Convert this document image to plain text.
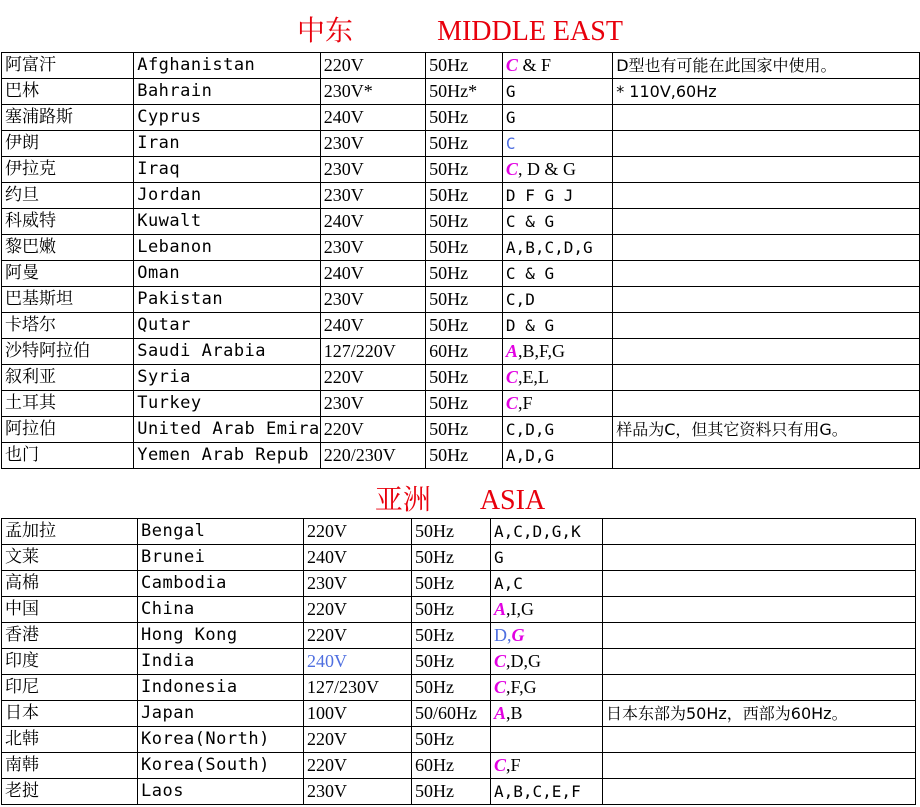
中东	MIDDLE EAST
阿富汗	Afghanistan	220V	50Hz	C & F	D型也有可能在此国家中使用。
巴林	Bahrain	230V*	50Hz*	G	* 110V,60Hz
塞浦路斯	Cyprus	240V	50Hz	G	
伊朗	Iran	230V	50Hz	C	
伊拉克	Iraq	230V	50Hz	C, D & G	
约旦	Jordan	230V	50Hz	D F G J	
科威特	Kuwalt	240V	50Hz	C & G	
黎巴嫩	Lebanon	230V	50Hz	A,B,C,D,G	
阿曼	Oman	240V	50Hz	C & G	
巴基斯坦	Pakistan	230V	50Hz	C,D	
卡塔尔	Qutar	240V	50Hz	D & G	
沙特阿拉伯	Saudi Arabia	127/220V	60Hz	A,B,F,G	
叙利亚	Syria	220V	50Hz	C,E,L	
土耳其	Turkey	230V	50Hz	C,F	
阿拉伯	United Arab Emira	220V	50Hz	C,D,G	样品为C，但其它资料只有用G。
也门	Yemen Arab Repub	220/230V	50Hz	A,D,G	
亚洲 ASIA
孟加拉	Bengal	220V	50Hz	A,C,D,G,K	
文莱	Brunei	240V	50Hz	G	
高棉	Cambodia	230V	50Hz	A,C	
中国	China	220V	50Hz	A,I,G	
香港	Hong Kong	220V	50Hz	D,G	
印度	India	240V	50Hz	C,D,G	
印尼	Indonesia	127/230V	50Hz	C,F,G	
日本	Japan	100V	50/60Hz	A,B	日本东部为50Hz，西部为60Hz。
北韩	Korea(North)	220V	50Hz		
南韩	Korea(South)	220V	60Hz	C,F	
老挝	Laos	230V	50Hz	A,B,C,E,F	
